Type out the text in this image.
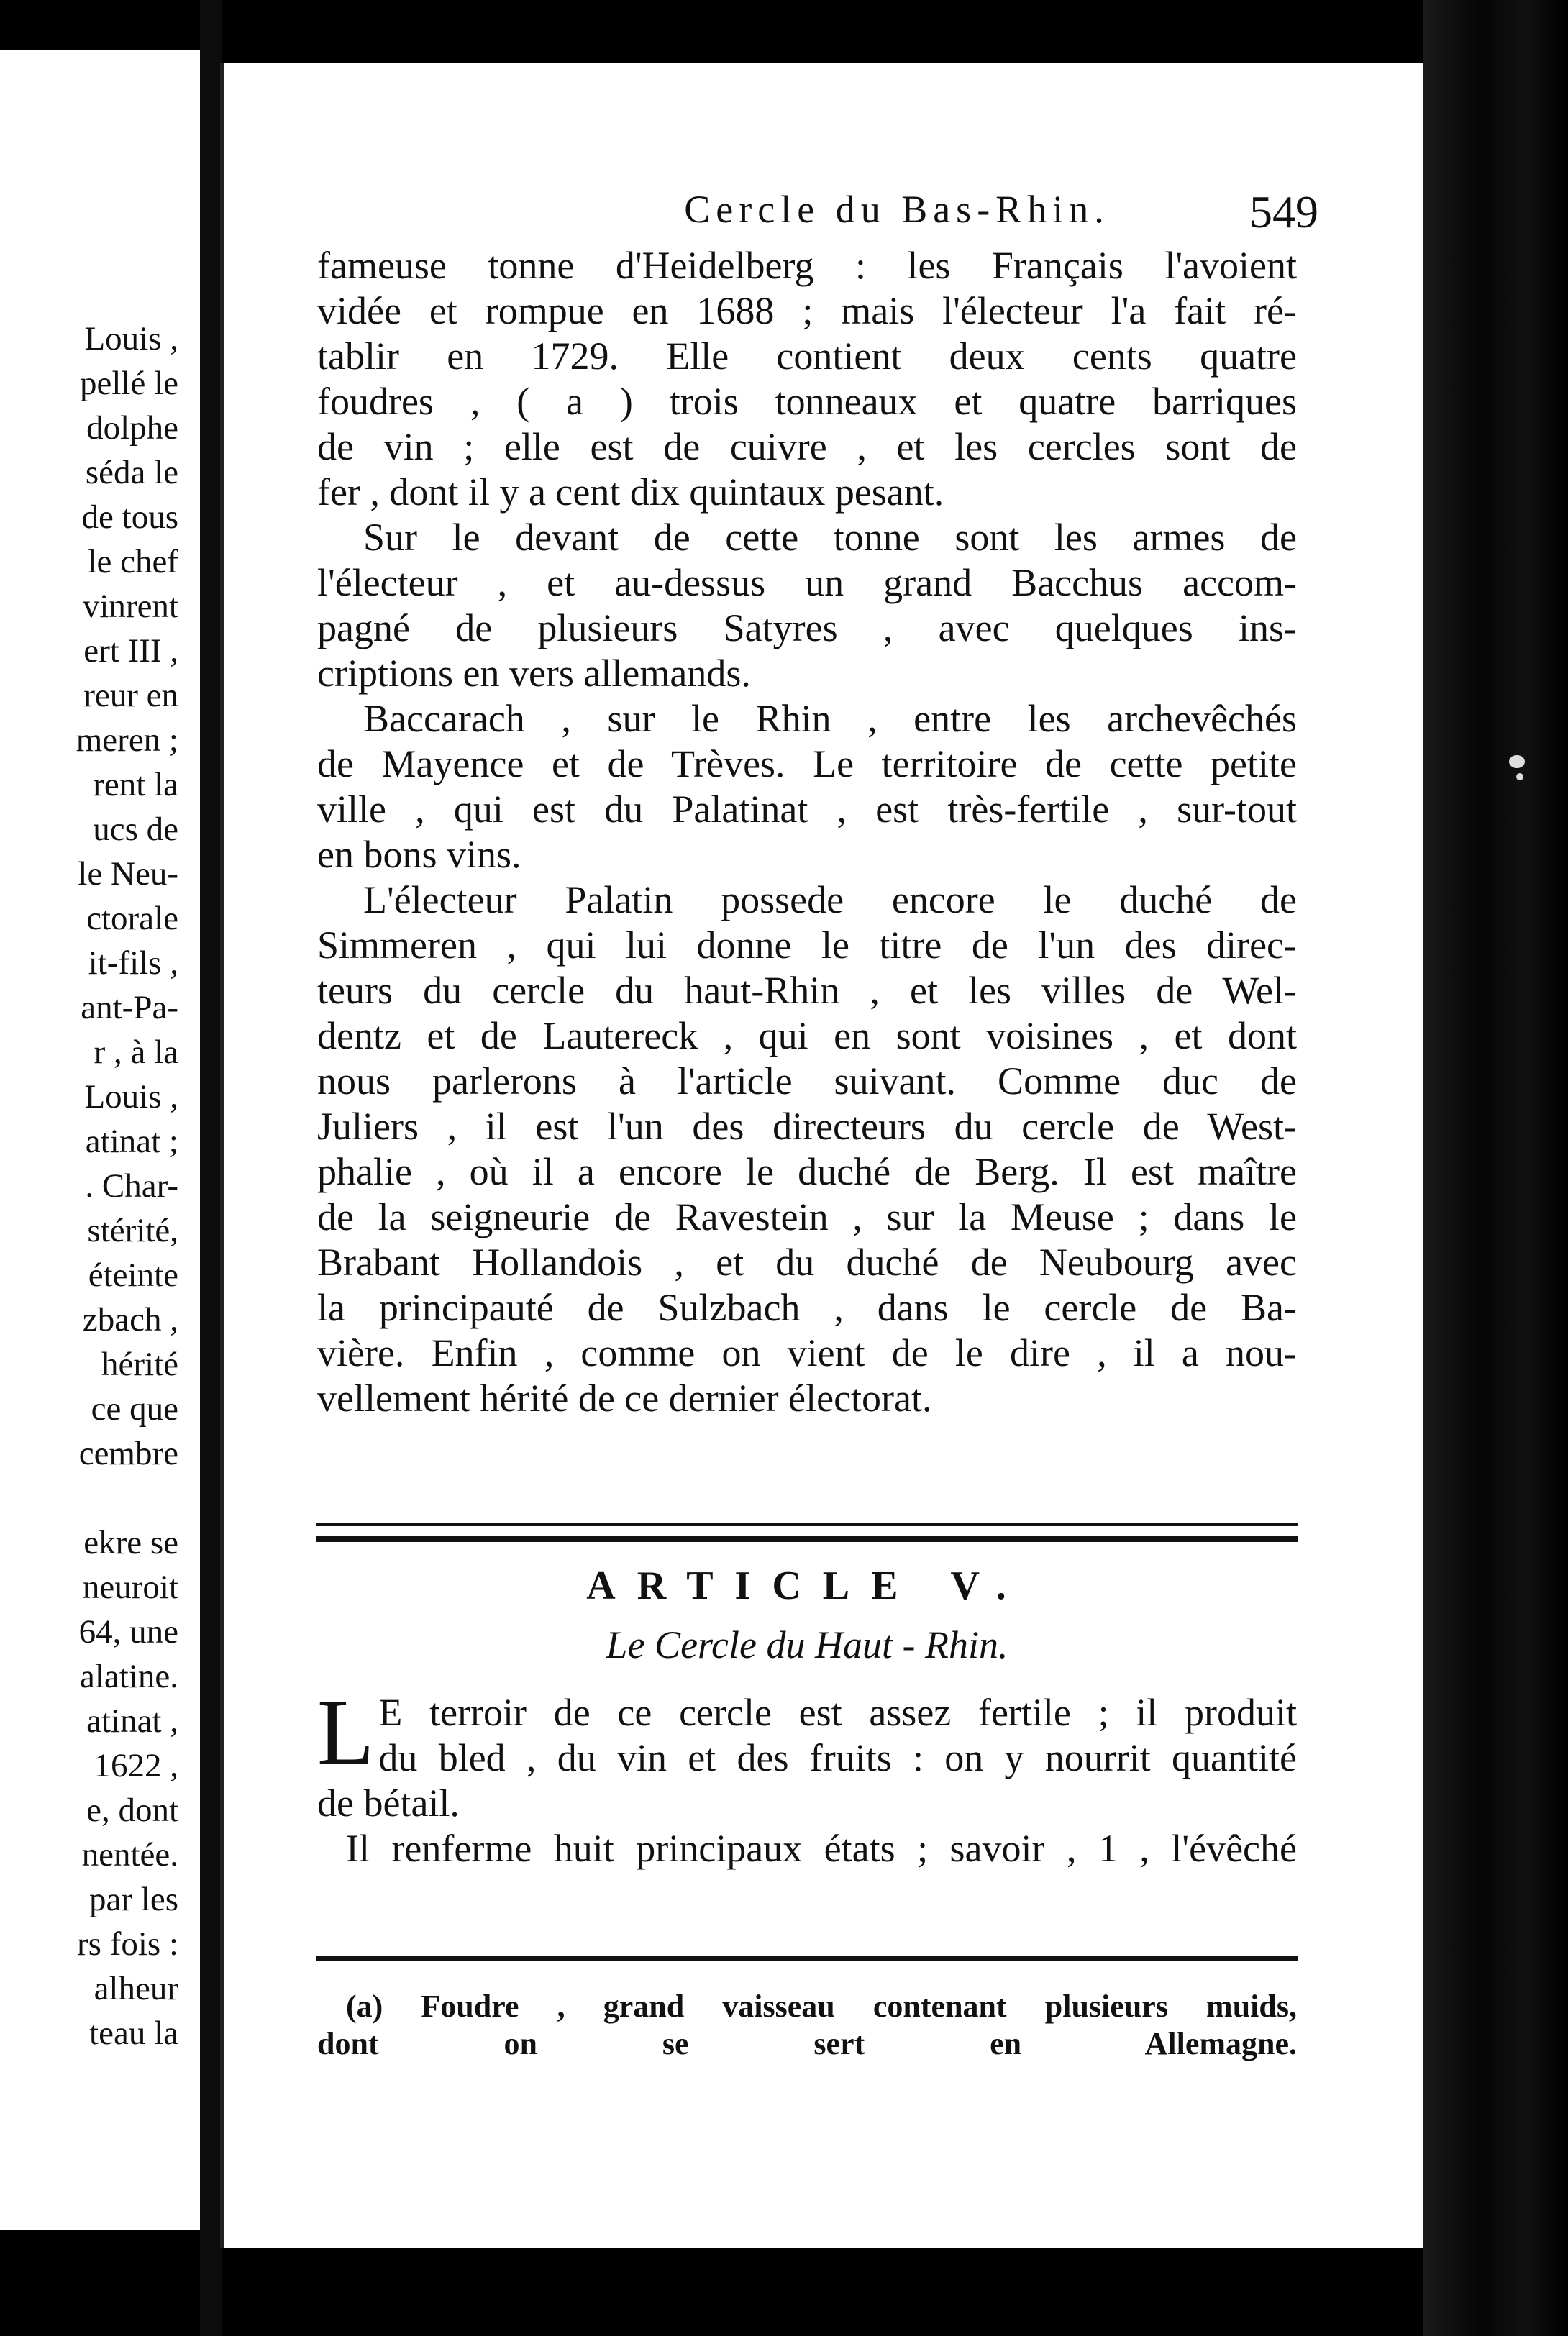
Louis ,
pellé le
dolphe
séda le
de tous
le chef
vinrent
ert III ,
reur en
meren ;
rent la
ucs de
le Neu-
ctorale
it-fils ,
ant-Pa-
r , à la
Louis ,
atinat ;
. Char-
stérité,
éteinte
zbach ,
hérité
ce que
cembre
ekre se
neuroit
64, une
alatine.
atinat ,
1622 ,
e, dont
nentée.
par les
rs fois :
alheur
teau la
Cercle du Bas-Rhin.	549

fameuse tonne d'Heidelberg : les Français l'avoient
vidée et rompue en 1688 ; mais l'électeur l'a fait ré-
tablir en 1729. Elle contient deux cents quatre
foudres , ( a ) trois tonneaux et quatre barriques
de vin ; elle est de cuivre , et les cercles sont de
fer , dont il y a cent dix quintaux pesant.

Sur le devant de cette tonne sont les armes de
l'électeur , et au-dessus un grand Bacchus accom-
pagné de plusieurs Satyres , avec quelques ins-
criptions en vers allemands.

Baccarach , sur le Rhin , entre les archevêchés
de Mayence et de Trèves. Le territoire de cette petite
ville , qui est du Palatinat , est très-fertile , sur-tout
en bons vins.

L'électeur Palatin possede encore le duché de
Simmeren , qui lui donne le titre de l'un des direc-
teurs du cercle du haut-Rhin , et les villes de Wel-
dentz et de Lautereck , qui en sont voisines , et dont
nous parlerons à l'article suivant. Comme duc de
Juliers , il est l'un des directeurs du cercle de West-
phalie , où il a encore le duché de Berg. Il est maître
de la seigneurie de Ravestein , sur la Meuse ; dans le
Brabant Hollandois , et du duché de Neubourg avec
la principauté de Sulzbach , dans le cercle de Ba-
vière. Enfin , comme on vient de le dire , il a nou-
vellement hérité de ce dernier électorat.

ARTICLE V.
Le Cercle du Haut - Rhin.
L E terroir de ce cercle est assez fertile ; il produit
du bled , du vin et des fruits : on y nourrit quantité
de bétail.

Il renferme huit principaux états ; savoir , 1 , l'évêché

(a) Foudre , grand vaisseau contenant plusieurs muids,
dont on se sert en Allemagne.
